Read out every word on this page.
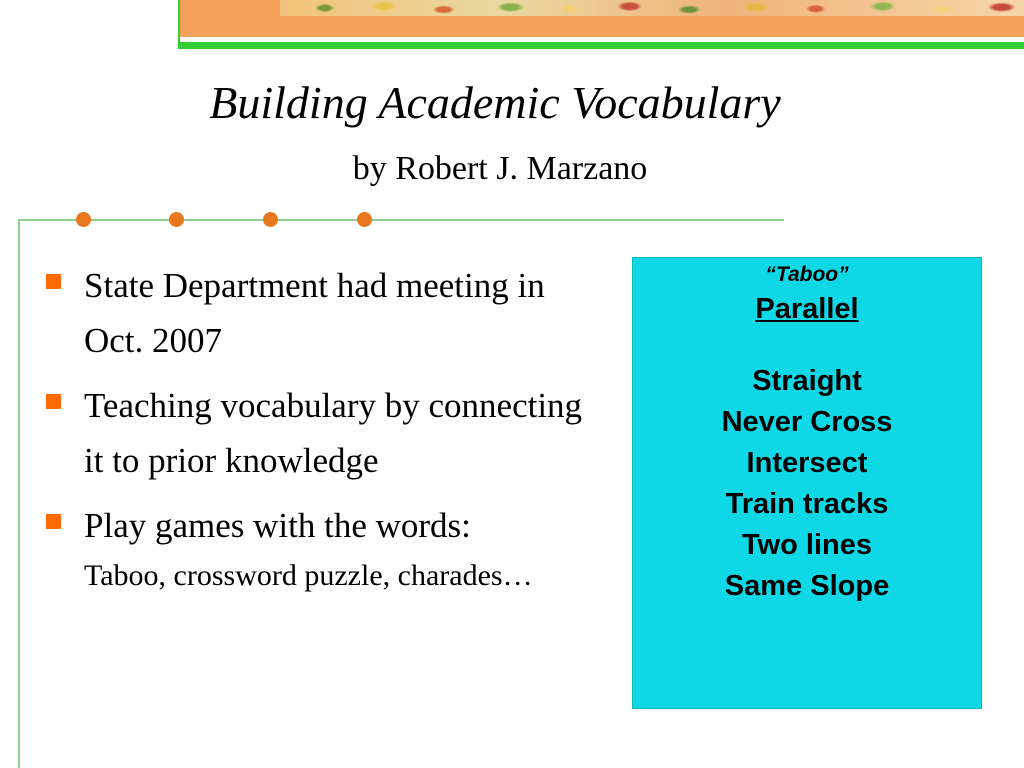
Building Academic Vocabulary
by Robert J. Marzano
State Department had meeting in Oct. 2007
Teaching vocabulary by connecting it to prior knowledge
Play games with the words:
Taboo, crossword puzzle, charades…
“Taboo”
Parallel
Straight
Never Cross
Intersect
Train tracks
Two lines
Same Slope
